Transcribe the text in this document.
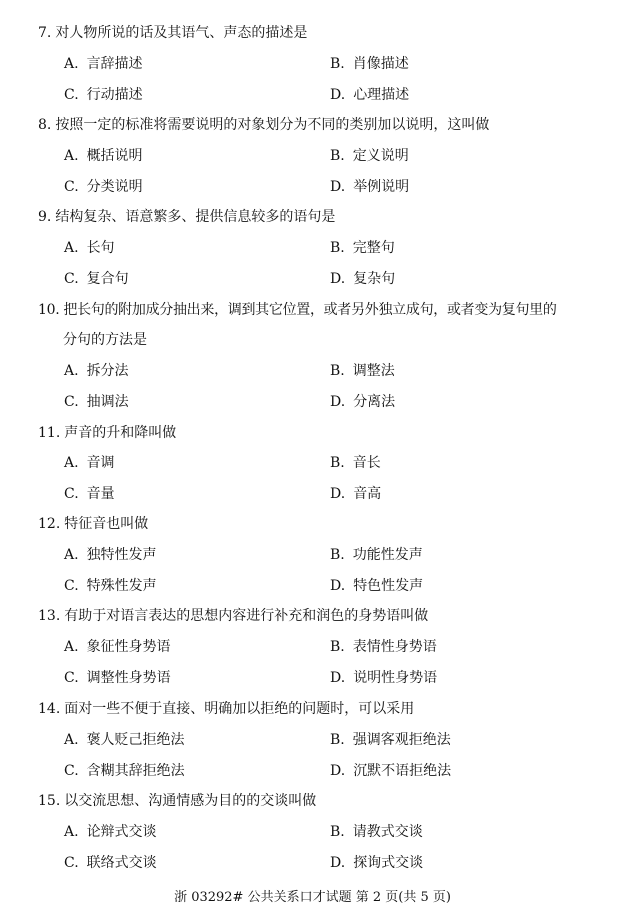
7. 对人物所说的话及其语气、声态的描述是
A. 言辞描述	B. 肖像描述
C. 行动描述	D. 心理描述
8. 按照一定的标准将需要说明的对象划分为不同的类别加以说明，这叫做
A. 概括说明	B. 定义说明
C. 分类说明	D. 举例说明
9. 结构复杂、语意繁多、提供信息较多的语句是
A. 长句	B. 完整句
C. 复合句	D. 复杂句
10. 把长句的附加成分抽出来，调到其它位置，或者另外独立成句，或者变为复句里的
分句的方法是
A. 拆分法	B. 调整法
C. 抽调法	D. 分离法
11. 声音的升和降叫做
A. 音调	B. 音长
C. 音量	D. 音高
12. 特征音也叫做
A. 独特性发声	B. 功能性发声
C. 特殊性发声	D. 特色性发声
13. 有助于对语言表达的思想内容进行补充和润色的身势语叫做
A. 象征性身势语	B. 表情性身势语
C. 调整性身势语	D. 说明性身势语
14. 面对一些不便于直接、明确加以拒绝的问题时，可以采用
A. 褒人贬己拒绝法	B. 强调客观拒绝法
C. 含糊其辞拒绝法	D. 沉默不语拒绝法
15. 以交流思想、沟通情感为目的的交谈叫做
A. 论辩式交谈	B. 请教式交谈
C. 联络式交谈	D. 探询式交谈
浙 03292# 公共关系口才试题 第 2 页(共 5 页)
